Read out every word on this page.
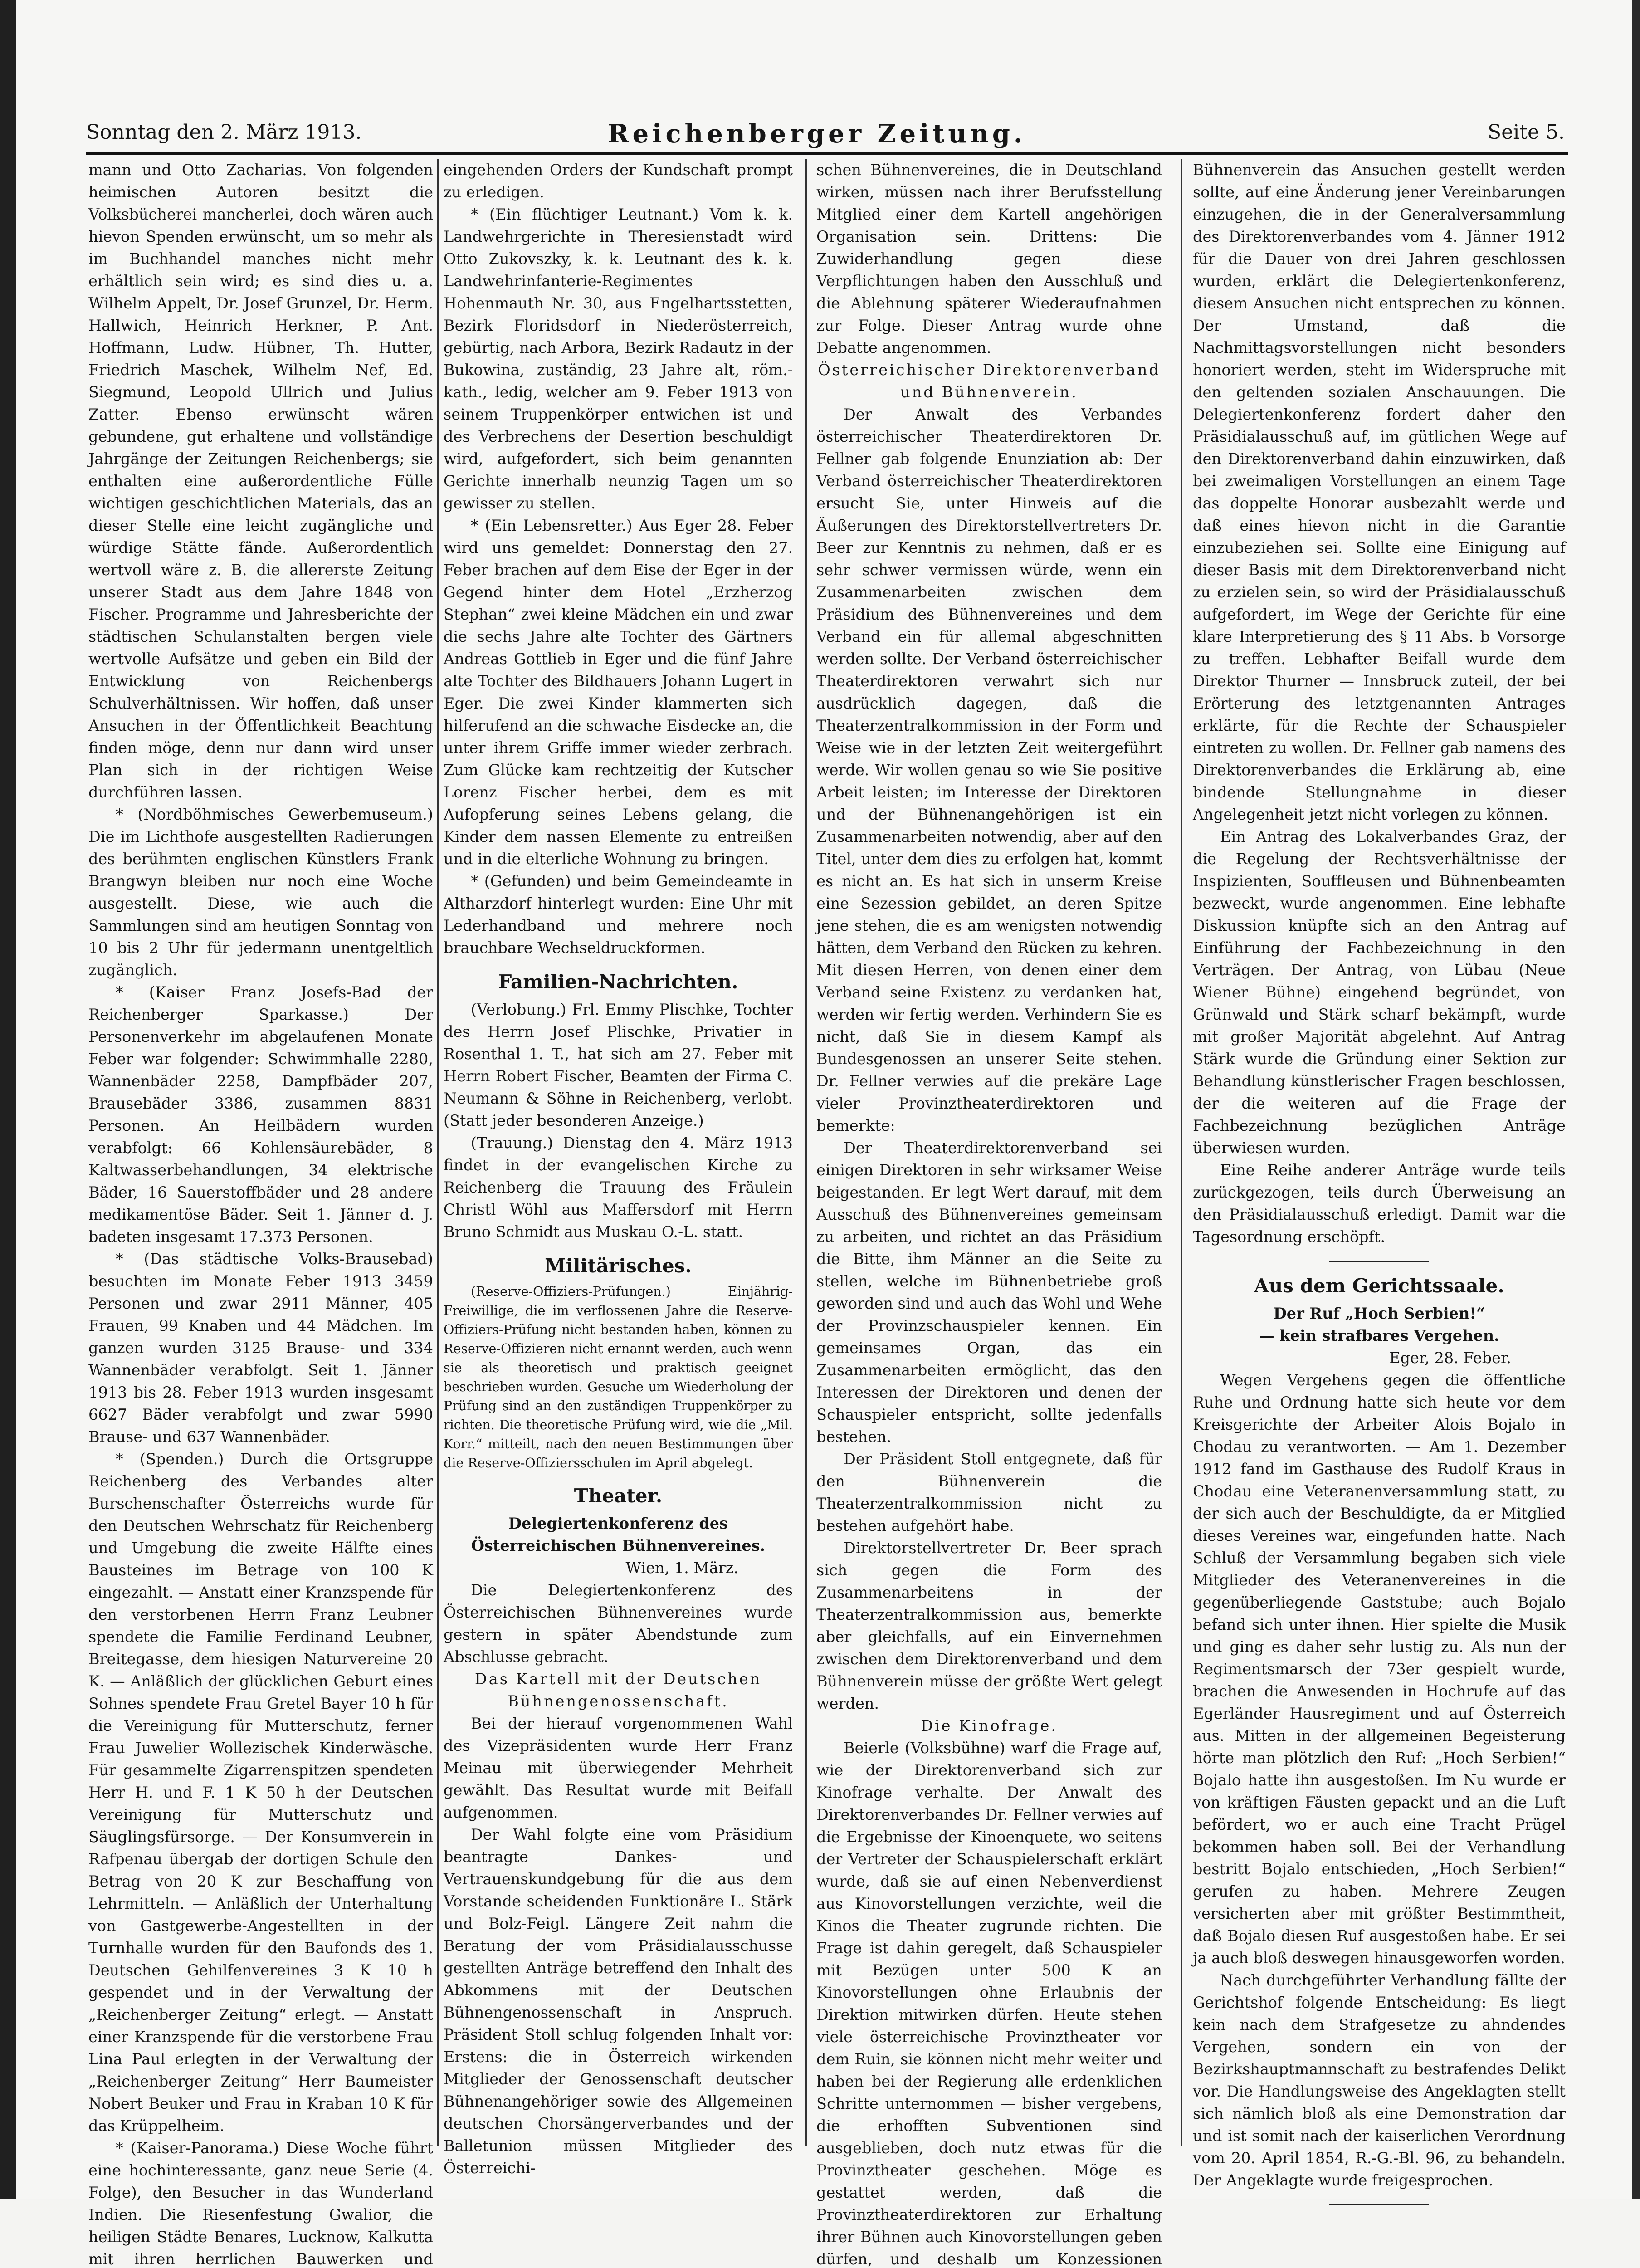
Sonntag den 2. März 1913.	Reichenberger Zeitung.	Seite 5.

mann und Otto Zacharias. Von folgenden heimischen Autoren besitzt die Volksbücherei mancherlei, doch wären auch hievon Spenden erwünscht, um so mehr als im Buchhandel manches nicht mehr erhältlich sein wird; es sind dies u. a. Wilhelm Appelt, Dr. Josef Grunzel, Dr. Herm. Hallwich, Heinrich Herkner, P. Ant. Hoffmann, Ludw. Hübner, Th. Hutter, Friedrich Maschek, Wilhelm Nef, Ed. Siegmund, Leopold Ullrich und Julius Zatter. Ebenso erwünscht wären gebundene, gut erhaltene und vollständige Jahrgänge der Zeitungen Reichenbergs; sie enthalten eine außerordentliche Fülle wichtigen geschichtlichen Materials, das an dieser Stelle eine leicht zugängliche und würdige Stätte fände. Außerordentlich wertvoll wäre z. B. die allererste Zeitung unserer Stadt aus dem Jahre 1848 von Fischer. Programme und Jahresberichte der städtischen Schulanstalten bergen viele wertvolle Aufsätze und geben ein Bild der Entwicklung von Reichenbergs Schulverhältnissen. Wir hoffen, daß unser Ansuchen in der Öffentlichkeit Beachtung finden möge, denn nur dann wird unser Plan sich in der richtigen Weise durchführen lassen.

* (Nordböhmisches Gewerbemuseum.) Die im Lichthofe ausgestellten Radierungen des berühmten englischen Künstlers Frank Brangwyn bleiben nur noch eine Woche ausgestellt. Diese, wie auch die Sammlungen sind am heutigen Sonntag von 10 bis 2 Uhr für jedermann unentgeltlich zugänglich.

* (Kaiser Franz Josefs-Bad der Reichenberger Sparkasse.) Der Personenverkehr im abgelaufenen Monate Feber war folgender: Schwimmhalle 2280, Wannenbäder 2258, Dampfbäder 207, Brausebäder 3386, zusammen 8831 Personen. An Heilbädern wurden verabfolgt: 66 Kohlensäurebäder, 8 Kaltwasserbehandlungen, 34 elektrische Bäder, 16 Sauerstoffbäder und 28 andere medikamentöse Bäder. Seit 1. Jänner d. J. badeten insgesamt 17.373 Personen.

* (Das städtische Volks-Brausebad) besuchten im Monate Feber 1913 3459 Personen und zwar 2911 Männer, 405 Frauen, 99 Knaben und 44 Mädchen. Im ganzen wurden 3125 Brause- und 334 Wannenbäder verabfolgt. Seit 1. Jänner 1913 bis 28. Feber 1913 wurden insgesamt 6627 Bäder verabfolgt und zwar 5990 Brause- und 637 Wannenbäder.

* (Spenden.) Durch die Ortsgruppe Reichenberg des Verbandes alter Burschenschafter Österreichs wurde für den Deutschen Wehrschatz für Reichenberg und Umgebung die zweite Hälfte eines Bausteines im Betrage von 100 K eingezahlt. — Anstatt einer Kranzspende für den verstorbenen Herrn Franz Leubner spendete die Familie Ferdinand Leubner, Breitegasse, dem hiesigen Naturvereine 20 K. — Anläßlich der glücklichen Geburt eines Sohnes spendete Frau Gretel Bayer 10 h für die Vereinigung für Mutterschutz, ferner Frau Juwelier Wollezischek Kinderwäsche. Für gesammelte Zigarrenspitzen spendeten Herr H. und F. 1 K 50 h der Deutschen Vereinigung für Mutterschutz und Säuglingsfürsorge. — Der Konsumverein in Rafpenau übergab der dortigen Schule den Betrag von 20 K zur Beschaffung von Lehrmitteln. — Anläßlich der Unterhaltung von Gastgewerbe-Angestellten in der Turnhalle wurden für den Baufonds des 1. Deutschen Gehilfenvereines 3 K 10 h gespendet und in der Verwaltung der „Reichenberger Zeitung“ erlegt. — Anstatt einer Kranzspende für die verstorbene Frau Lina Paul erlegten in der Verwaltung der „Reichenberger Zeitung“ Herr Baumeister Nobert Beuker und Frau in Kraban 10 K für das Krüppelheim.

* (Kaiser-Panorama.) Diese Woche führt eine hochinteressante, ganz neue Serie (4. Folge), den Besucher in das Wunderland Indien. Die Riesenfestung Gwalior, die heiligen Städte Benares, Lucknow, Kalkutta mit ihren herrlichen Bauwerken und

eingehenden Orders der Kundschaft prompt zu erledigen.

* (Ein flüchtiger Leutnant.) Vom k. k. Landwehrgerichte in Theresienstadt wird Otto Zukovszky, k. k. Leutnant des k. k. Landwehrinfanterie-Regimentes Hohenmauth Nr. 30, aus Engelhartsstetten, Bezirk Floridsdorf in Niederösterreich, gebürtig, nach Arbora, Bezirk Radautz in der Bukowina, zuständig, 23 Jahre alt, röm.-kath., ledig, welcher am 9. Feber 1913 von seinem Truppenkörper entwichen ist und des Verbrechens der Desertion beschuldigt wird, aufgefordert, sich beim genannten Gerichte innerhalb neunzig Tagen um so gewisser zu stellen.

* (Ein Lebensretter.) Aus Eger 28. Feber wird uns gemeldet: Donnerstag den 27. Feber brachen auf dem Eise der Eger in der Gegend hinter dem Hotel „Erzherzog Stephan“ zwei kleine Mädchen ein und zwar die sechs Jahre alte Tochter des Gärtners Andreas Gottlieb in Eger und die fünf Jahre alte Tochter des Bildhauers Johann Lugert in Eger. Die zwei Kinder klammerten sich hilferufend an die schwache Eisdecke an, die unter ihrem Griffe immer wieder zerbrach. Zum Glücke kam rechtzeitig der Kutscher Lorenz Fischer herbei, dem es mit Aufopferung seines Lebens gelang, die Kinder dem nassen Elemente zu entreißen und in die elterliche Wohnung zu bringen.

* (Gefunden) und beim Gemeindeamte in Altharzdorf hinterlegt wurden: Eine Uhr mit Lederhandband und mehrere noch brauchbare Wechseldruckformen.

Familien-Nachrichten.

(Verlobung.) Frl. Emmy Plischke, Tochter des Herrn Josef Plischke, Privatier in Rosenthal 1. T., hat sich am 27. Feber mit Herrn Robert Fischer, Beamten der Firma C. Neumann & Söhne in Reichenberg, verlobt. (Statt jeder besonderen Anzeige.)

(Trauung.) Dienstag den 4. März 1913 findet in der evangelischen Kirche zu Reichenberg die Trauung des Fräulein Christl Wöhl aus Maffersdorf mit Herrn Bruno Schmidt aus Muskau O.-L. statt.

Militärisches.

(Reserve-Offiziers-Prüfungen.) Einjährig-Freiwillige, die im verflossenen Jahre die Reserve-Offiziers-Prüfung nicht bestanden haben, können zu Reserve-Offizieren nicht ernannt werden, auch wenn sie als theoretisch und praktisch geeignet beschrieben wurden. Gesuche um Wiederholung der Prüfung sind an den zuständigen Truppenkörper zu richten. Die theoretische Prüfung wird, wie die „Mil. Korr.“ mitteilt, nach den neuen Bestimmungen über die Reserve-Offiziersschulen im April abgelegt.

Theater.

Delegiertenkonferenz des

Österreichischen Bühnenvereines.

Wien, 1. März.

Die Delegiertenkonferenz des Österreichischen Bühnenvereines wurde gestern in später Abendstunde zum Abschlusse gebracht.

Das Kartell mit der Deutschen Bühnengenossenschaft.

Bei der hierauf vorgenommenen Wahl des Vizepräsidenten wurde Herr Franz Meinau mit überwiegender Mehrheit gewählt. Das Resultat wurde mit Beifall aufgenommen.

Der Wahl folgte eine vom Präsidium beantragte Dankes- und Vertrauenskundgebung für die aus dem Vorstande scheidenden Funktionäre L. Stärk und Bolz-Feigl. Längere Zeit nahm die Beratung der vom Präsidialausschusse gestellten Anträge betreffend den Inhalt des Abkommens mit der Deutschen Bühnengenossenschaft in Anspruch. Präsident Stoll schlug folgenden Inhalt vor: Erstens: die in Österreich wirkenden Mitglieder der Genossenschaft deutscher Bühnenangehöriger sowie des Allgemeinen deutschen Chorsängerverbandes und der Balletunion müssen Mitglieder des Österreichi-

schen Bühnenvereines, die in Deutschland wirken, müssen nach ihrer Berufsstellung Mitglied einer dem Kartell angehörigen Organisation sein. Drittens: Die Zuwiderhandlung gegen diese Verpflichtungen haben den Ausschluß und die Ablehnung späterer Wiederaufnahmen zur Folge. Dieser Antrag wurde ohne Debatte angenommen.

Österreichischer Direktorenverband und Bühnenverein.

Der Anwalt des Verbandes österreichischer Theaterdirektoren Dr. Fellner gab folgende Enunziation ab: Der Verband österreichischer Theaterdirektoren ersucht Sie, unter Hinweis auf die Äußerungen des Direktorstellvertreters Dr. Beer zur Kenntnis zu nehmen, daß er es sehr schwer vermissen würde, wenn ein Zusammenarbeiten zwischen dem Präsidium des Bühnenvereines und dem Verband ein für allemal abgeschnitten werden sollte. Der Verband österreichischer Theaterdirektoren verwahrt sich nur ausdrücklich dagegen, daß die Theaterzentralkommission in der Form und Weise wie in der letzten Zeit weitergeführt werde. Wir wollen genau so wie Sie positive Arbeit leisten; im Interesse der Direktoren und der Bühnenangehörigen ist ein Zusammenarbeiten notwendig, aber auf den Titel, unter dem dies zu erfolgen hat, kommt es nicht an. Es hat sich in unserm Kreise eine Sezession gebildet, an deren Spitze jene stehen, die es am wenigsten notwendig hätten, dem Verband den Rücken zu kehren. Mit diesen Herren, von denen einer dem Verband seine Existenz zu verdanken hat, werden wir fertig werden. Verhindern Sie es nicht, daß Sie in diesem Kampf als Bundesgenossen an unserer Seite stehen. Dr. Fellner verwies auf die prekäre Lage vieler Provinztheaterdirektoren und bemerkte:

Der Theaterdirektorenverband sei einigen Direktoren in sehr wirksamer Weise beigestanden. Er legt Wert darauf, mit dem Ausschuß des Bühnenvereines gemeinsam zu arbeiten, und richtet an das Präsidium die Bitte, ihm Männer an die Seite zu stellen, welche im Bühnenbetriebe groß geworden sind und auch das Wohl und Wehe der Provinzschauspieler kennen. Ein gemeinsames Organ, das ein Zusammenarbeiten ermöglicht, das den Interessen der Direktoren und denen der Schauspieler entspricht, sollte jedenfalls bestehen.

Der Präsident Stoll entgegnete, daß für den Bühnenverein die Theaterzentralkommission nicht zu bestehen aufgehört habe.

Direktorstellvertreter Dr. Beer sprach sich gegen die Form des Zusammenarbeitens in der Theaterzentralkommission aus, bemerkte aber gleichfalls, auf ein Einvernehmen zwischen dem Direktorenverband und dem Bühnenverein müsse der größte Wert gelegt werden.

Die Kinofrage.

Beierle (Volksbühne) warf die Frage auf, wie der Direktorenverband sich zur Kinofrage verhalte. Der Anwalt des Direktorenverbandes Dr. Fellner verwies auf die Ergebnisse der Kinoenquete, wo seitens der Vertreter der Schauspielerschaft erklärt wurde, daß sie auf einen Nebenverdienst aus Kinovorstellungen verzichte, weil die Kinos die Theater zugrunde richten. Die Frage ist dahin geregelt, daß Schauspieler mit Bezügen unter 500 K an Kinovorstellungen ohne Erlaubnis der Direktion mitwirken dürfen. Heute stehen viele österreichische Provinztheater vor dem Ruin, sie können nicht mehr weiter und haben bei der Regierung alle erdenklichen Schritte unternommen — bisher vergebens, die erhofften Subventionen sind ausgeblieben, doch nutz etwas für die Provinztheater geschehen. Möge es gestattet werden, daß die Provinztheaterdirektoren zur Erhaltung ihrer Bühnen auch Kinovorstellungen geben dürfen, und deshalb um Konzessionen

Bühnenverein das Ansuchen gestellt werden sollte, auf eine Änderung jener Vereinbarungen einzugehen, die in der Generalversammlung des Direktorenverbandes vom 4. Jänner 1912 für die Dauer von drei Jahren geschlossen wurden, erklärt die Delegiertenkonferenz, diesem Ansuchen nicht entsprechen zu können. Der Umstand, daß die Nachmittagsvorstellungen nicht besonders honoriert werden, steht im Widerspruche mit den geltenden sozialen Anschauungen. Die Delegiertenkonferenz fordert daher den Präsidialausschuß auf, im gütlichen Wege auf den Direktorenverband dahin einzuwirken, daß bei zweimaligen Vorstellungen an einem Tage das doppelte Honorar ausbezahlt werde und daß eines hievon nicht in die Garantie einzubeziehen sei. Sollte eine Einigung auf dieser Basis mit dem Direktorenverband nicht zu erzielen sein, so wird der Präsidialausschuß aufgefordert, im Wege der Gerichte für eine klare Interpretierung des § 11 Abs. b Vorsorge zu treffen. Lebhafter Beifall wurde dem Direktor Thurner — Innsbruck zuteil, der bei Erörterung des letztgenannten Antrages erklärte, für die Rechte der Schauspieler eintreten zu wollen. Dr. Fellner gab namens des Direktorenverbandes die Erklärung ab, eine bindende Stellungnahme in dieser Angelegenheit jetzt nicht vorlegen zu können.

Ein Antrag des Lokalverbandes Graz, der die Regelung der Rechtsverhältnisse der Inspizienten, Souffleusen und Bühnenbeamten bezweckt, wurde angenommen. Eine lebhafte Diskussion knüpfte sich an den Antrag auf Einführung der Fachbezeichnung in den Verträgen. Der Antrag, von Lübau (Neue Wiener Bühne) eingehend begründet, von Grünwald und Stärk scharf bekämpft, wurde mit großer Majorität abgelehnt. Auf Antrag Stärk wurde die Gründung einer Sektion zur Behandlung künstlerischer Fragen beschlossen, der die weiteren auf die Frage der Fachbezeichnung bezüglichen Anträge überwiesen wurden.

Eine Reihe anderer Anträge wurde teils zurückgezogen, teils durch Überweisung an den Präsidialausschuß erledigt. Damit war die Tagesordnung erschöpft.

Aus dem Gerichtssaale.

Der Ruf „Hoch Serbien!“

— kein strafbares Vergehen.

Eger, 28. Feber.

Wegen Vergehens gegen die öffentliche Ruhe und Ordnung hatte sich heute vor dem Kreisgerichte der Arbeiter Alois Bojalo in Chodau zu verantworten. — Am 1. Dezember 1912 fand im Gasthause des Rudolf Kraus in Chodau eine Veteranenversammlung statt, zu der sich auch der Beschuldigte, da er Mitglied dieses Vereines war, eingefunden hatte. Nach Schluß der Versammlung begaben sich viele Mitglieder des Veteranenvereines in die gegenüberliegende Gaststube; auch Bojalo befand sich unter ihnen. Hier spielte die Musik und ging es daher sehr lustig zu. Als nun der Regimentsmarsch der 73er gespielt wurde, brachen die Anwesenden in Hochrufe auf das Egerländer Hausregiment und auf Österreich aus. Mitten in der allgemeinen Begeisterung hörte man plötzlich den Ruf: „Hoch Serbien!“ Bojalo hatte ihn ausgestoßen. Im Nu wurde er von kräftigen Fäusten gepackt und an die Luft befördert, wo er auch eine Tracht Prügel bekommen haben soll. Bei der Verhandlung bestritt Bojalo entschieden, „Hoch Serbien!“ gerufen zu haben. Mehrere Zeugen versicherten aber mit größter Bestimmtheit, daß Bojalo diesen Ruf ausgestoßen habe. Er sei ja auch bloß deswegen hinausgeworfen worden.

Nach durchgeführter Verhandlung fällte der Gerichtshof folgende Entscheidung: Es liegt kein nach dem Strafgesetze zu ahndendes Vergehen, sondern ein von der Bezirkshauptmannschaft zu bestrafendes Delikt vor. Die Handlungsweise des Angeklagten stellt sich nämlich bloß als eine Demonstration dar und ist somit nach der kaiserlichen Verordnung vom 20. April 1854, R.-G.-Bl. 96, zu behandeln. Der Angeklagte wurde freigesprochen.
